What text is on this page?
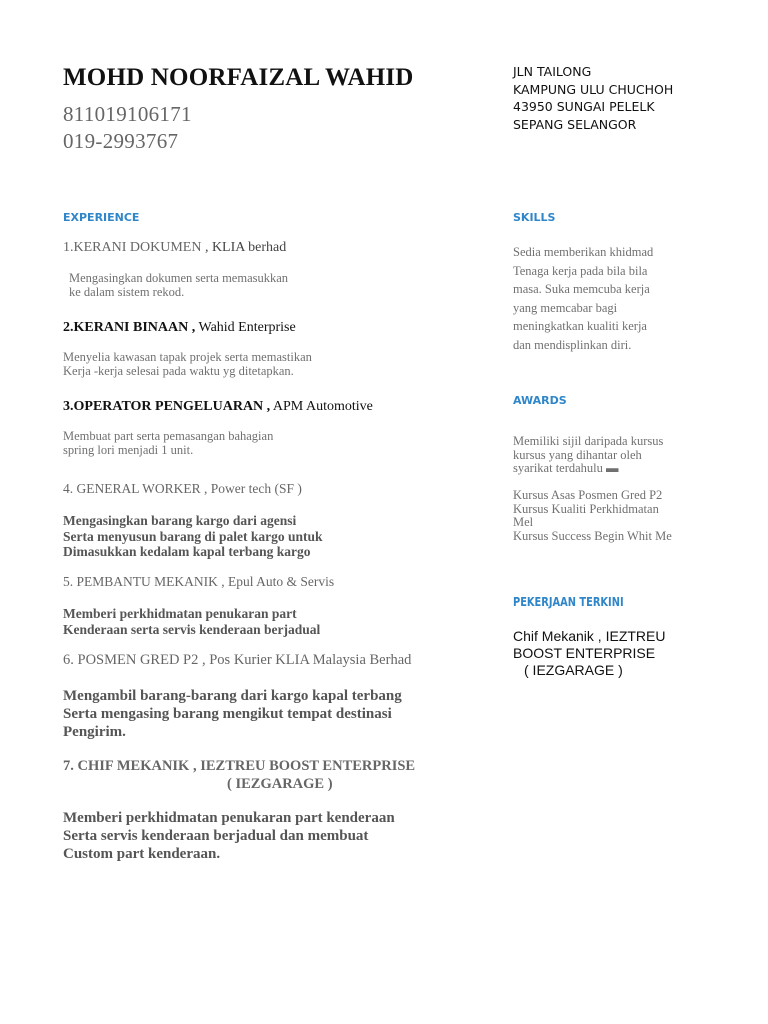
MOHD NOORFAIZAL WAHID
811019106171
019-2993767
JLN TAILONG
KAMPUNG ULU CHUCHOH
43950 SUNGAI PELELK
SEPANG SELANGOR
EXPERIENCE
1.KERANI DOKUMEN , KLIA berhad
Mengasingkan dokumen serta memasukkan
ke dalam sistem rekod.
2.KERANI BINAAN , Wahid Enterprise
Menyelia kawasan tapak projek serta memastikan
Kerja -kerja selesai pada waktu yg ditetapkan.
3.OPERATOR PENGELUARAN , APM Automotive
Membuat part serta pemasangan bahagian
spring lori menjadi 1 unit.
4. GENERAL WORKER , Power tech (SF )
Mengasingkan barang kargo dari agensi
Serta menyusun barang di palet kargo untuk
Dimasukkan kedalam kapal terbang kargo
5. PEMBANTU MEKANIK , Epul Auto & Servis
Memberi perkhidmatan penukaran part
Kenderaan serta servis kenderaan berjadual
6. POSMEN GRED P2 , Pos Kurier KLIA Malaysia Berhad
Mengambil barang-barang dari kargo kapal terbang
Serta mengasing barang mengikut tempat destinasi
Pengirim.
7. CHIF MEKANIK , IEZTREU BOOST ENTERPRISE
( IEZGARAGE )
Memberi perkhidmatan penukaran part kenderaan
Serta servis kenderaan berjadual dan membuat
Custom part kenderaan.
SKILLS
Sedia memberikan khidmad
Tenaga kerja pada bila bila
masa. Suka memcuba kerja
yang memcabar bagi
meningkatkan kualiti kerja
dan mendisplinkan diri.
AWARDS
Memiliki sijil daripada kursus
kursus yang dihantar oleh
syarikat terdahulu ▬
Kursus Asas Posmen Gred P2
Kursus Kualiti Perkhidmatan
Mel
Kursus Success Begin Whit Me
PEKERJAAN TERKINI
Chif Mekanik , IEZTREU
BOOST ENTERPRISE
( IEZGARAGE )
